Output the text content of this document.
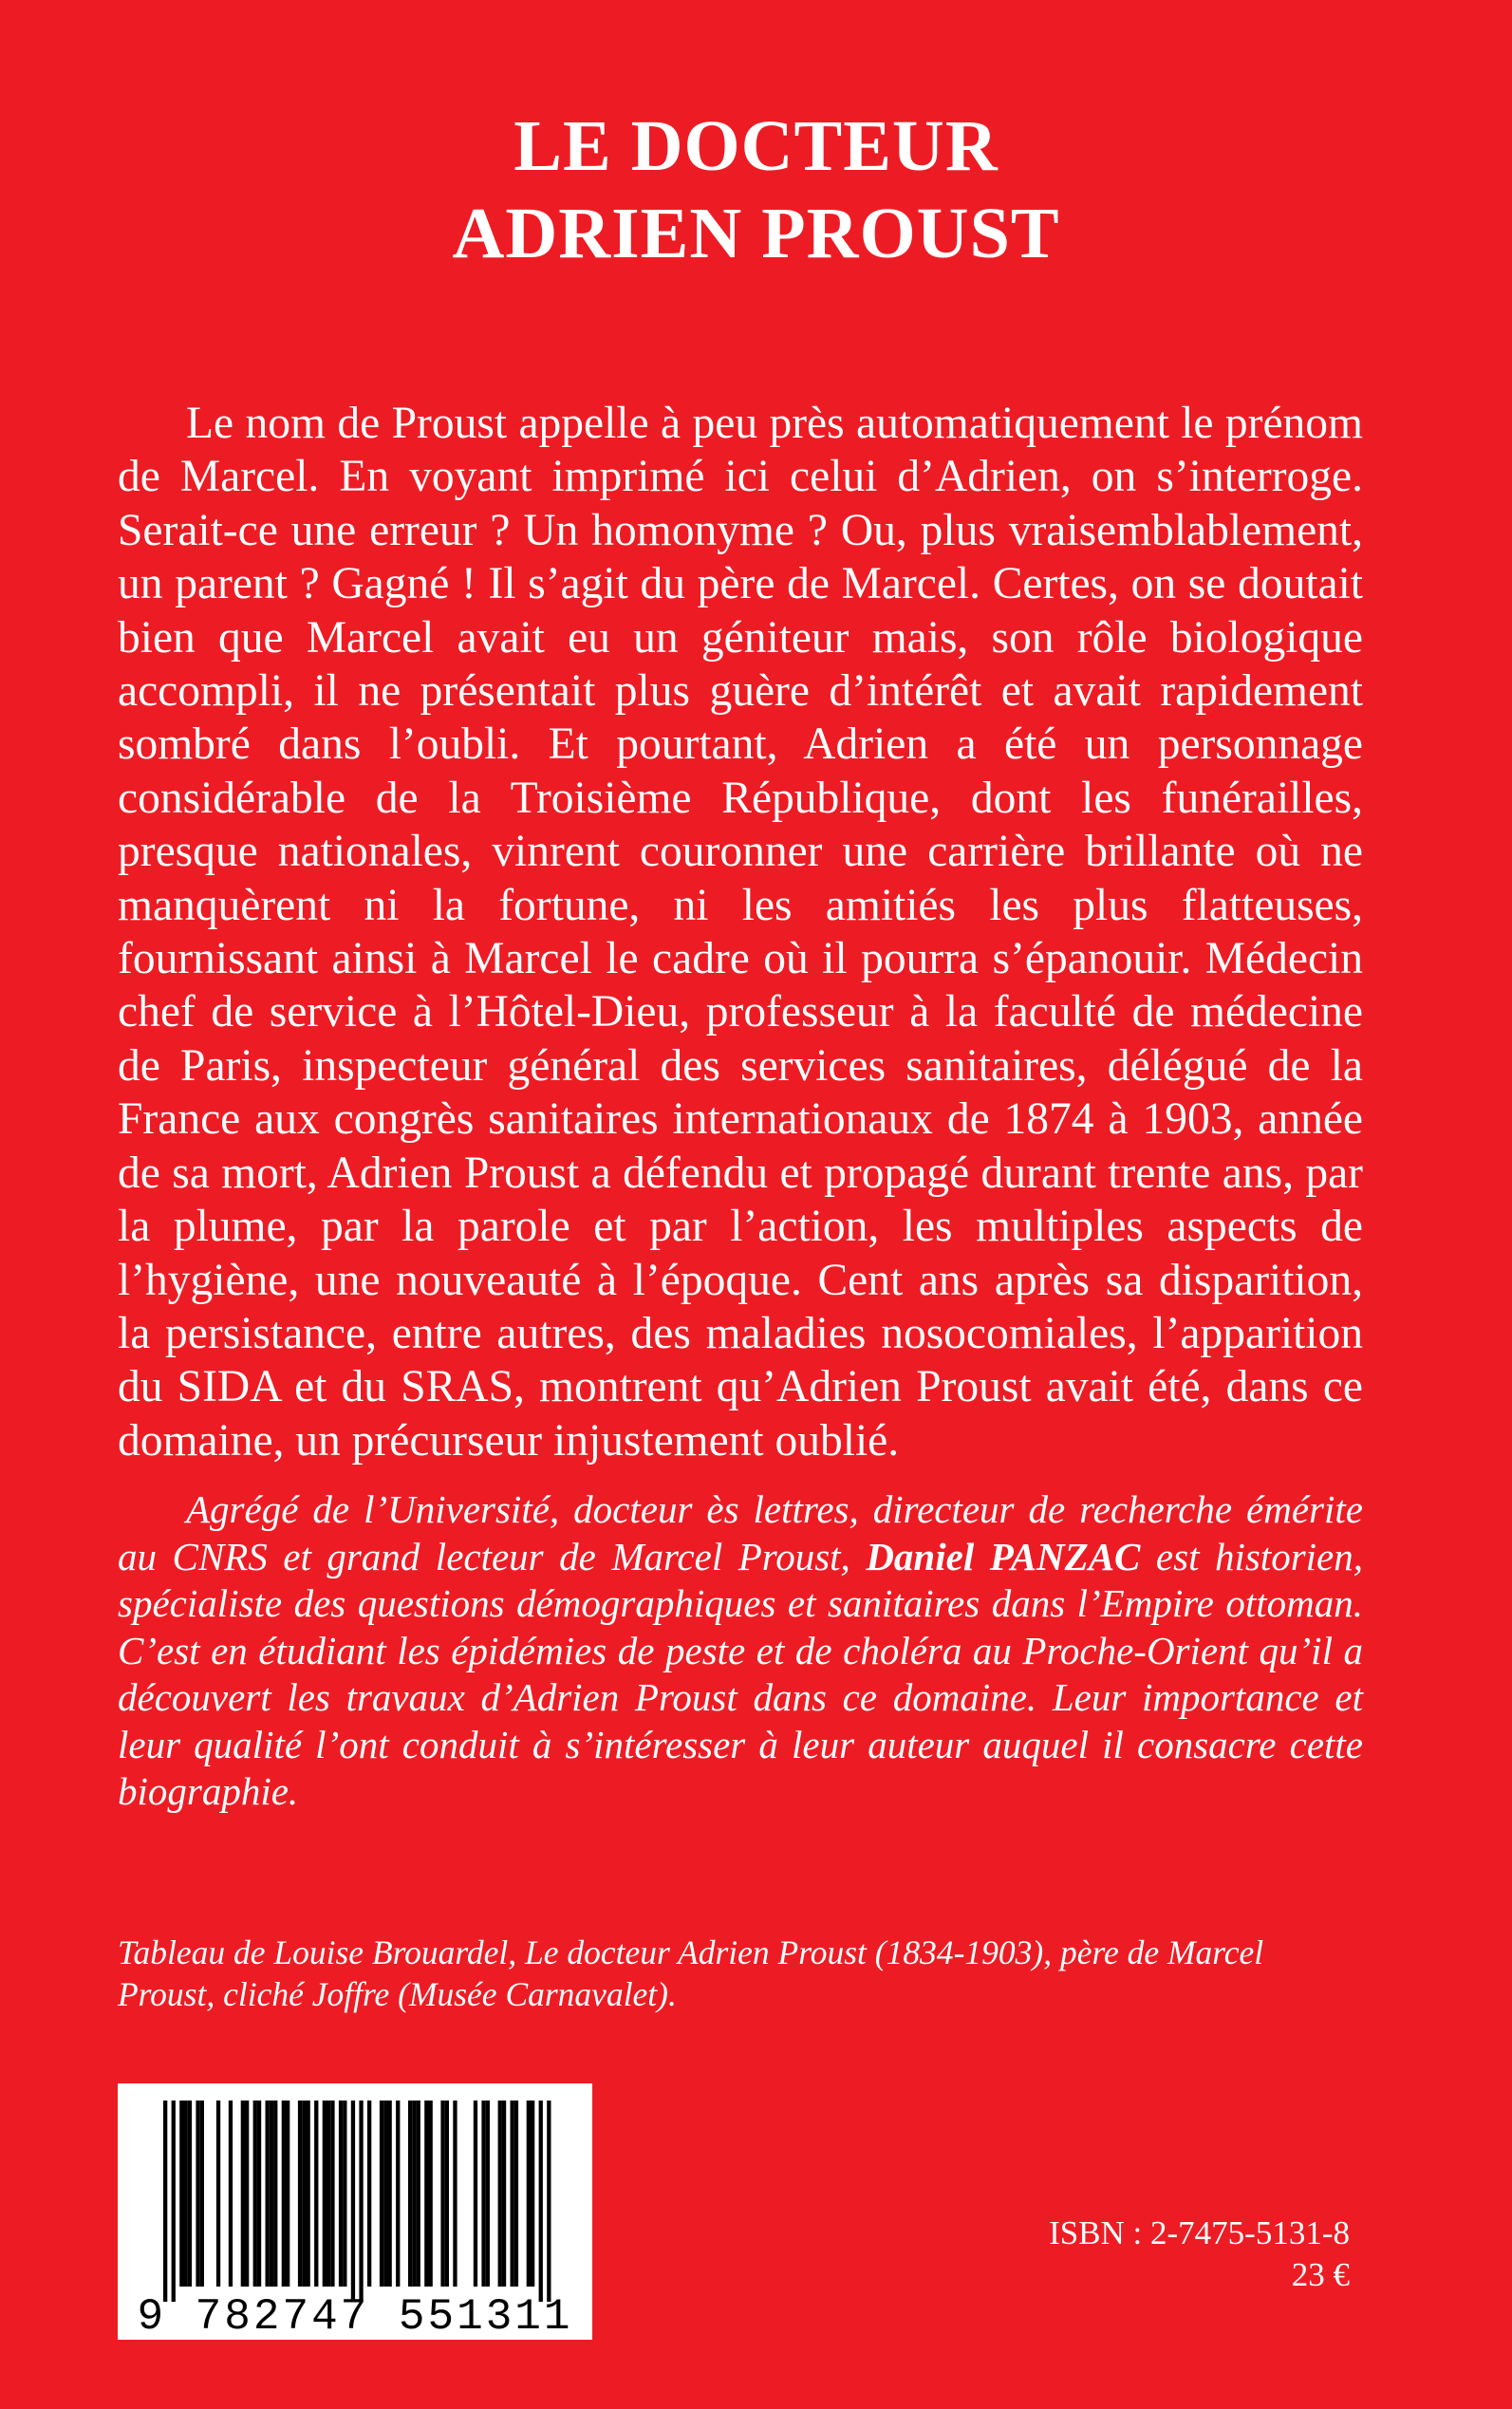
LE DOCTEUR
ADRIEN PROUST

Le nom de Proust appelle à peu près automatiquement le prénom de Marcel. En voyant imprimé ici celui d’Adrien, on s’interroge. Serait-ce une erreur ? Un homonyme ? Ou, plus vraisemblablement, un parent ? Gagné ! Il s’agit du père de Marcel. Certes, on se doutait bien que Marcel avait eu un géniteur mais, son rôle biologique accompli, il ne présentait plus guère d’intérêt et avait rapidement sombré dans l’oubli. Et pourtant, Adrien a été un personnage considérable de la Troisième République, dont les funérailles, presque nationales, vinrent couronner une carrière brillante où ne manquèrent ni la fortune, ni les amitiés les plus flatteuses, fournissant ainsi à Marcel le cadre où il pourra s’épanouir. Médecin chef de service à l’Hôtel-Dieu, professeur à la faculté de médecine de Paris, inspecteur général des services sanitaires, délégué de la France aux congrès sanitaires internationaux de 1874 à 1903, année de sa mort, Adrien Proust a défendu et propagé durant trente ans, par la plume, par la parole et par l’action, les multiples aspects de l’hygiène, une nouveauté à l’époque. Cent ans après sa disparition, la persistance, entre autres, des maladies nosocomiales, l’apparition du SIDA et du SRAS, montrent qu’Adrien Proust avait été, dans ce domaine, un précurseur injustement oublié.

Agrégé de l’Université, docteur ès lettres, directeur de recherche émérite au CNRS et grand lecteur de Marcel Proust, Daniel PANZAC est historien, spécialiste des questions démographiques et sanitaires dans l’Empire ottoman. C’est en étudiant les épidémies de peste et de choléra au Proche-Orient qu’il a découvert les travaux d’Adrien Proust dans ce domaine. Leur importance et leur qualité l’ont conduit à s’intéresser à leur auteur auquel il consacre cette biographie.

Tableau de Louise Brouardel, Le docteur Adrien Proust (1834-1903), père de Marcel Proust, cliché Joffre (Musée Carnavalet).

9 782747 551311
ISBN : 2-7475-5131-8
23 €
